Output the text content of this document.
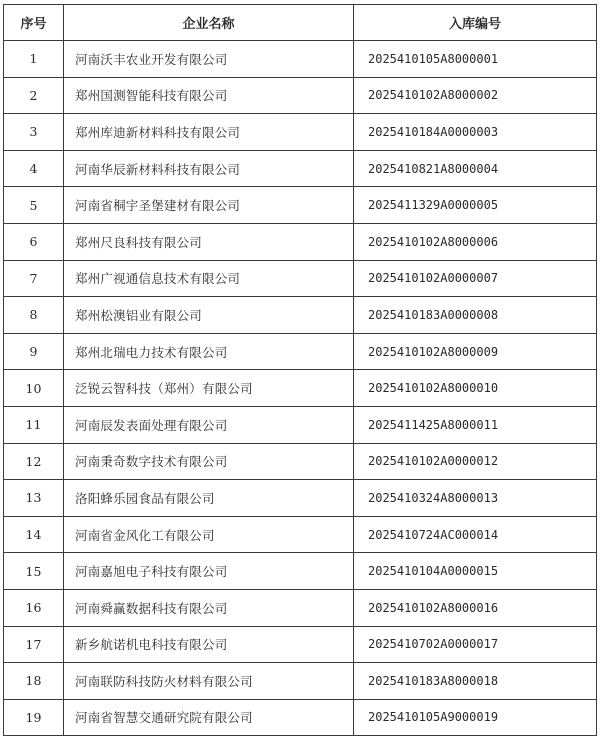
序号	企业名称	入库编号
1	河南沃丰农业开发有限公司	2025410105A8000001
2	郑州国测智能科技有限公司	2025410102A8000002
3	郑州库迪新材料科技有限公司	2025410184A0000003
4	河南华辰新材料科技有限公司	2025410821A8000004
5	河南省桐宇圣堡建材有限公司	2025411329A0000005
6	郑州尺良科技有限公司	2025410102A8000006
7	郑州广视通信息技术有限公司	2025410102A0000007
8	郑州松澳铝业有限公司	2025410183A0000008
9	郑州北瑞电力技术有限公司	2025410102A8000009
10	泛锐云智科技（郑州）有限公司	2025410102A8000010
11	河南辰发表面处理有限公司	2025411425A8000011
12	河南秉奇数字技术有限公司	2025410102A0000012
13	洛阳蜂乐园食品有限公司	2025410324A8000013
14	河南省金风化工有限公司	2025410724AC000014
15	河南嘉旭电子科技有限公司	2025410104A0000015
16	河南舜赢数据科技有限公司	2025410102A8000016
17	新乡航诺机电科技有限公司	2025410702A0000017
18	河南联防科技防火材料有限公司	2025410183A8000018
19	河南省智慧交通研究院有限公司	2025410105A9000019
